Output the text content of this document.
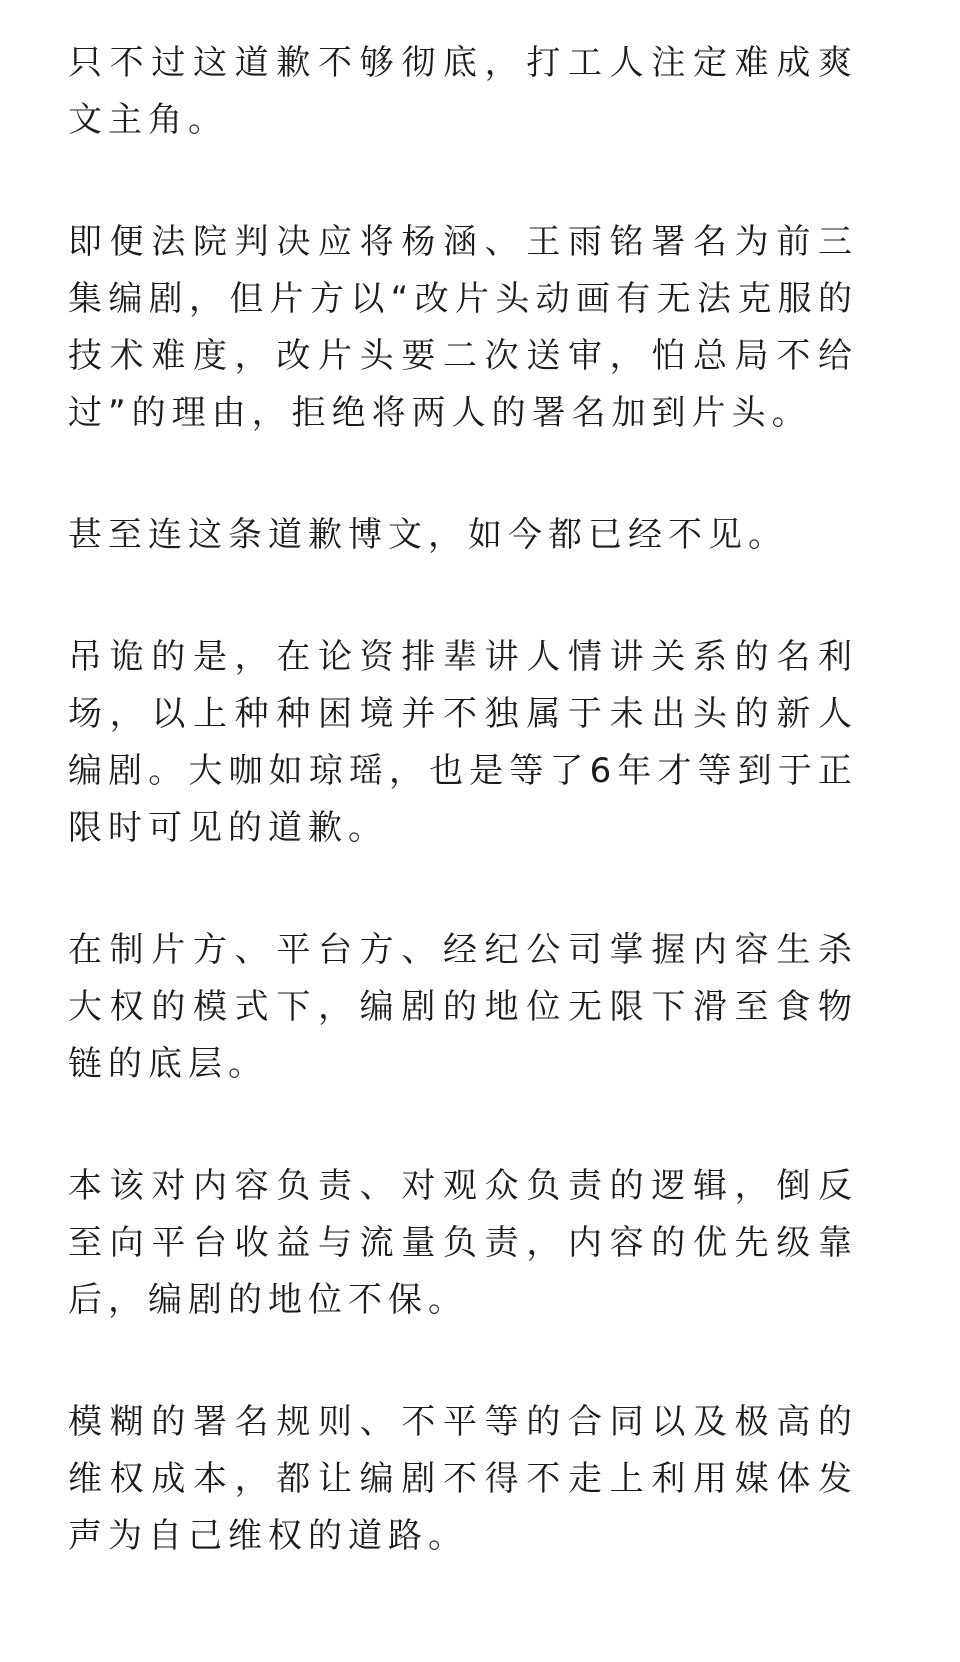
只不过这道歉不够彻底，打工人注定难成爽文主角。

即便法院判决应将杨涵、王雨铭署名为前三集编剧，但片方以“改片头动画有无法克服的技术难度，改片头要二次送审，怕总局不给过”的理由，拒绝将两人的署名加到片头。

甚至连这条道歉博文，如今都已经不见。

吊诡的是，在论资排辈讲人情讲关系的名利场，以上种种困境并不独属于未出头的新人编剧。大咖如琼瑶，也是等了6年才等到于正限时可见的道歉。

在制片方、平台方、经纪公司掌握内容生杀大权的模式下，编剧的地位无限下滑至食物链的底层。

本该对内容负责、对观众负责的逻辑，倒反至向平台收益与流量负责，内容的优先级靠后，编剧的地位不保。

模糊的署名规则、不平等的合同以及极高的维权成本，都让编剧不得不走上利用媒体发声为自己维权的道路。
